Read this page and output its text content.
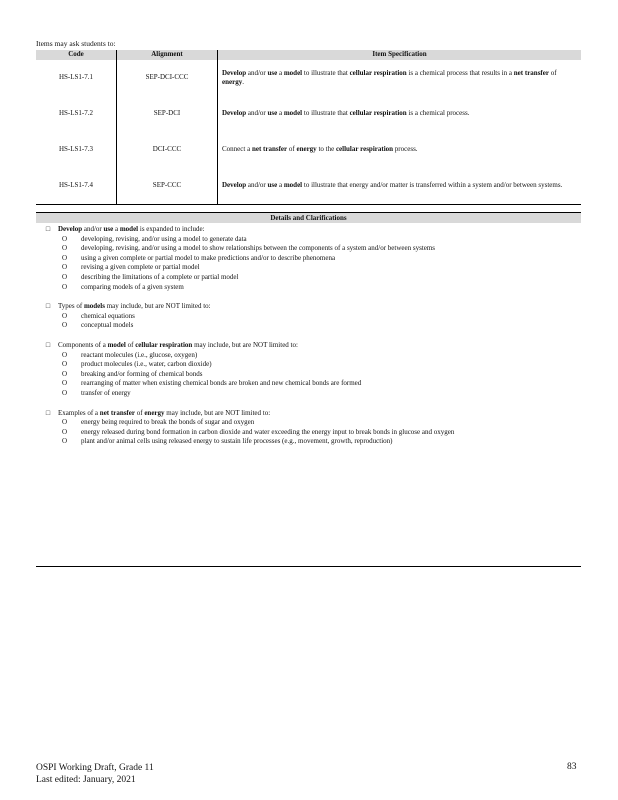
Items may ask students to:
Code	Alignment	Item Specification
HS-LS1-7.1	SEP-DCI-CCC	Develop and/or use a model to illustrate that cellular respiration is a chemical process that results in a net transfer of energy.
HS-LS1-7.2	SEP-DCI	Develop and/or use a model to illustrate that cellular respiration is a chemical process.
HS-LS1-7.3	DCI-CCC	Connect a net transfer of energy to the cellular respiration process.
HS-LS1-7.4	SEP-CCC	Develop and/or use a model to illustrate that energy and/or matter is transferred within a system and/or between systems.
Details and Clarifications
□ Develop and/or use a model is expanded to include:
O developing, revising, and/or using a model to generate data
O developing, revising, and/or using a model to show relationships between the components of a system and/or between systems
O using a given complete or partial model to make predictions and/or to describe phenomena
O revising a given complete or partial model
O describing the limitations of a complete or partial model
O comparing models of a given system
□ Types of models may include, but are NOT limited to:
O chemical equations
O conceptual models
□ Components of a model of cellular respiration may include, but are NOT limited to:
O reactant molecules (i.e., glucose, oxygen)
O product molecules (i.e., water, carbon dioxide)
O breaking and/or forming of chemical bonds
O rearranging of matter when existing chemical bonds are broken and new chemical bonds are formed
O transfer of energy
□ Examples of a net transfer of energy may include, but are NOT limited to:
O energy being required to break the bonds of sugar and oxygen
O energy released during bond formation in carbon dioxide and water exceeding the energy input to break bonds in glucose and oxygen
O plant and/or animal cells using released energy to sustain life processes (e.g., movement, growth, reproduction)
OSPI Working Draft, Grade 11
Last edited: January, 2021
83
